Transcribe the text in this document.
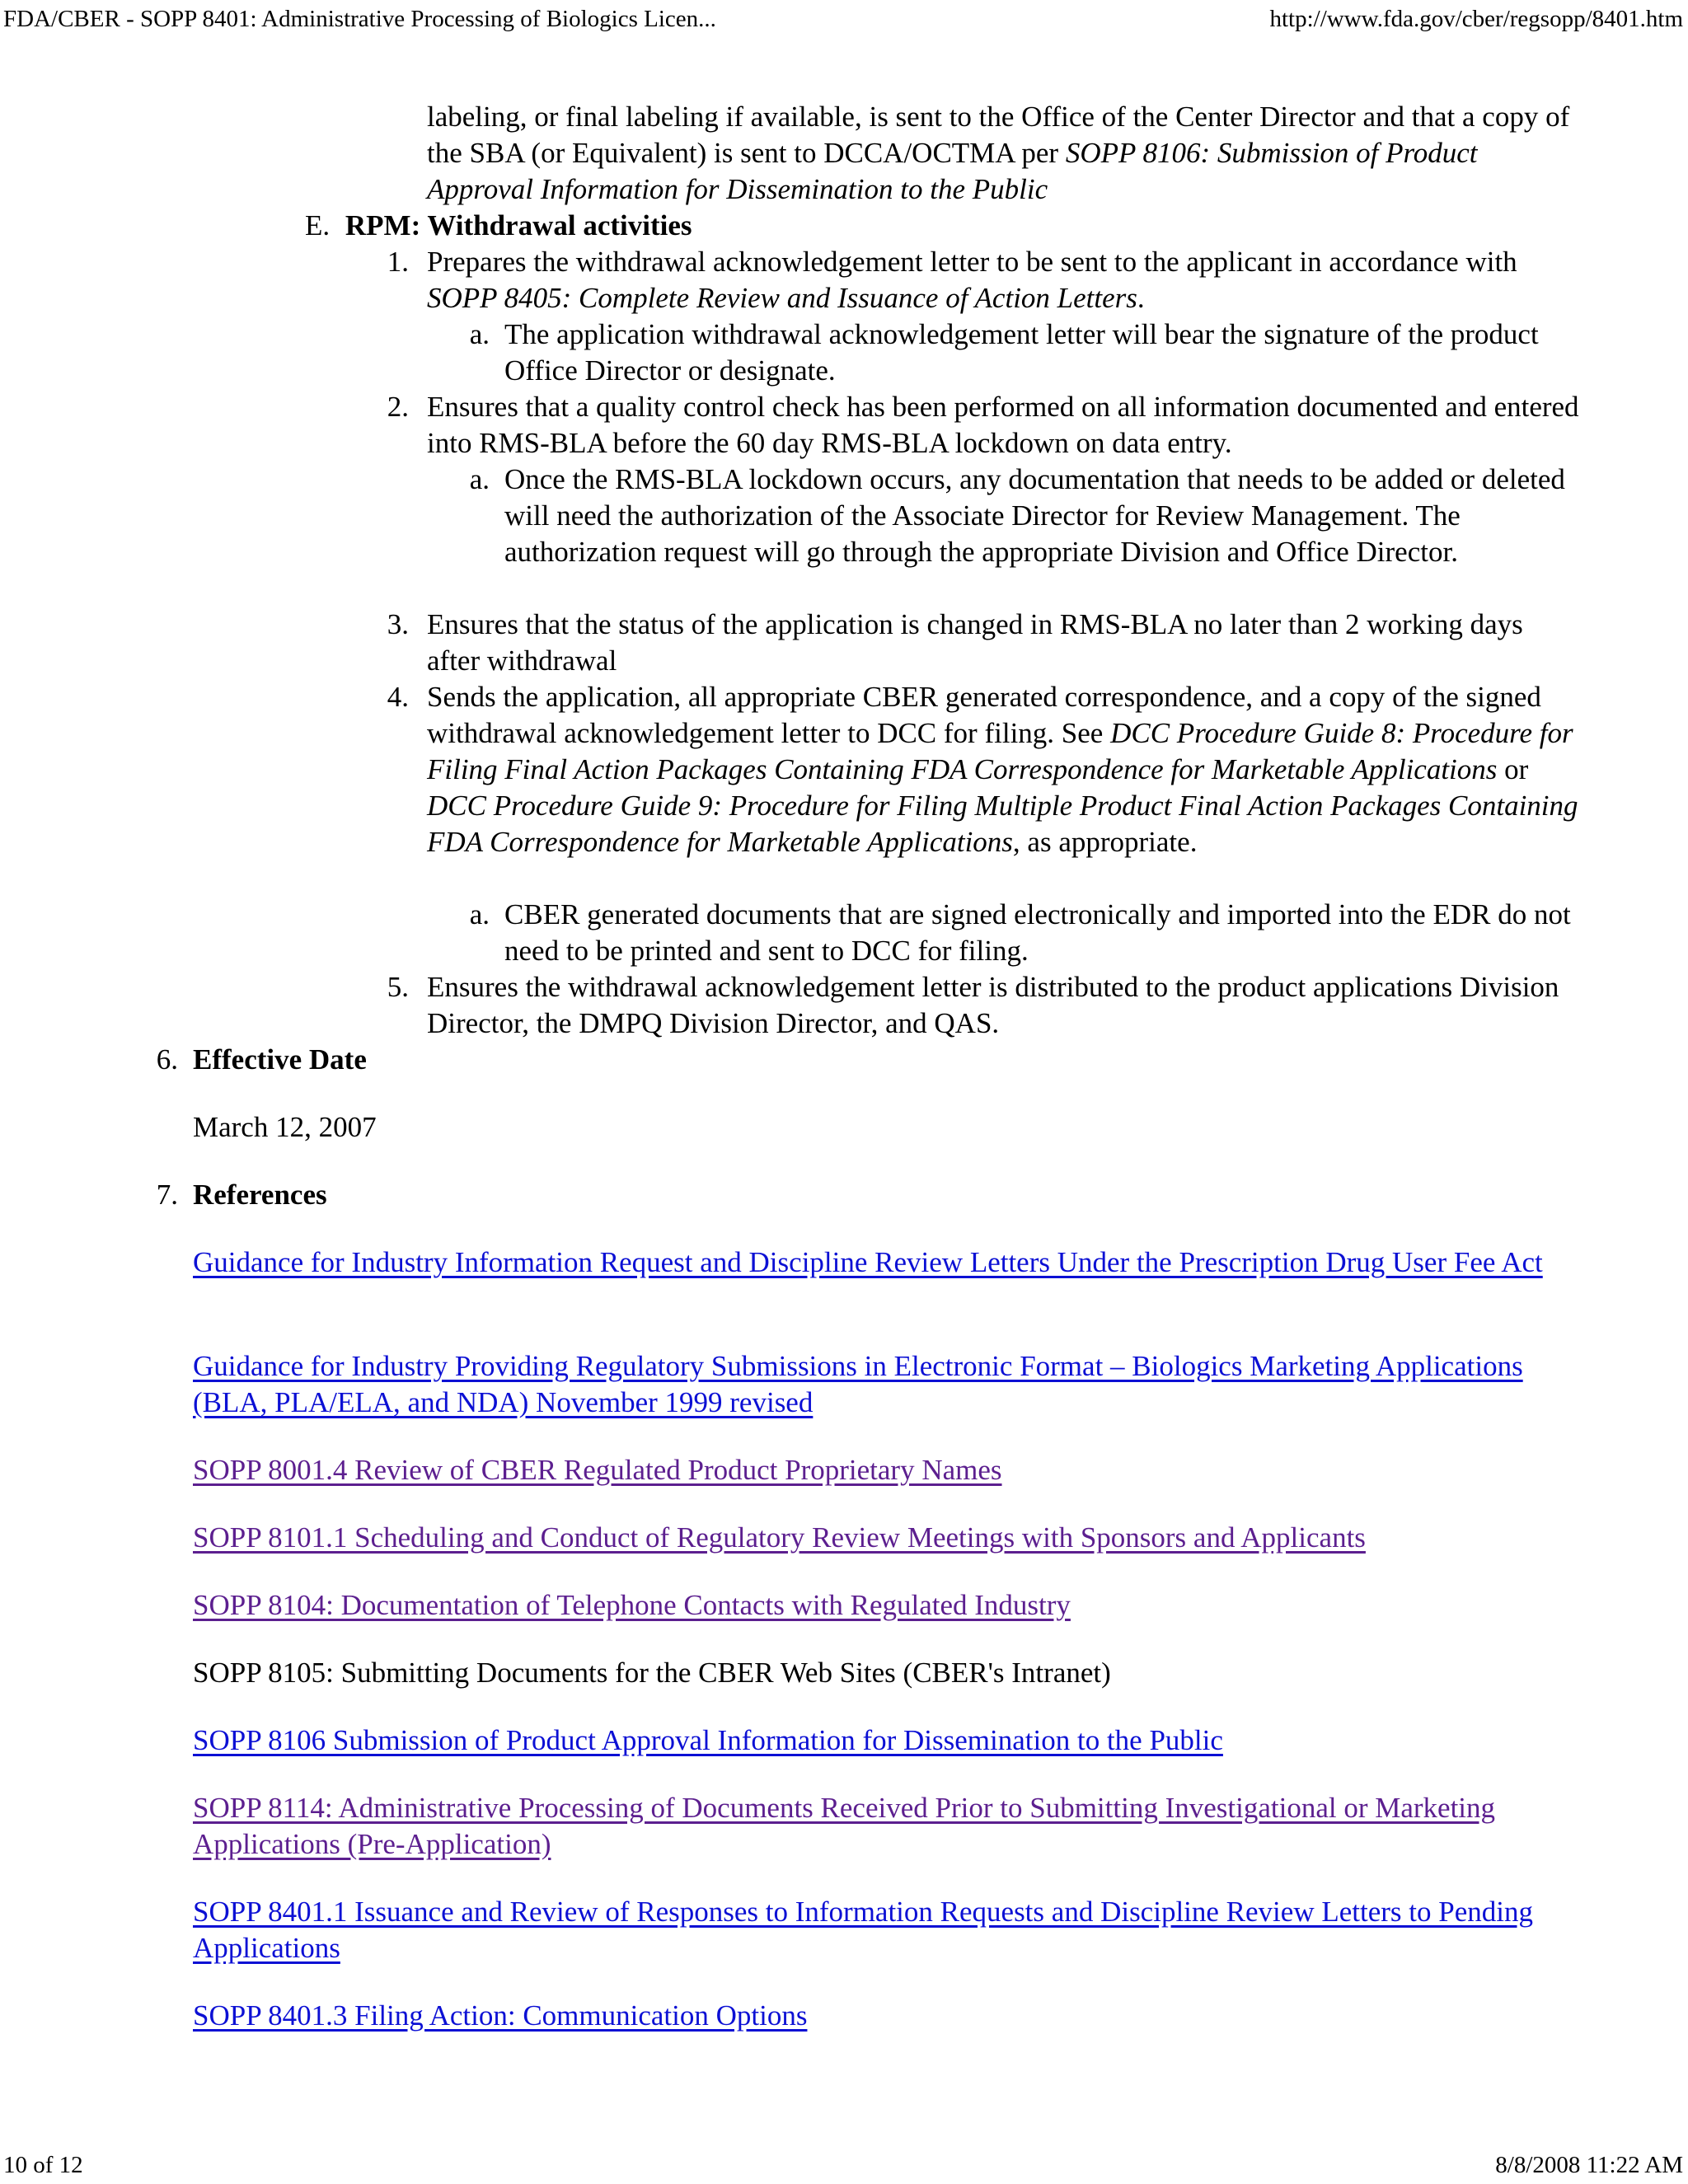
FDA/CBER - SOPP 8401: Administrative Processing of Biologics Licen...	http://www.fda.gov/cber/regsopp/8401.htm
labeling, or final labeling if available, is sent to the Office of the Center Director and that a copy of the SBA (or Equivalent) is sent to DCCA/OCTMA per SOPP 8106: Submission of Product Approval Information for Dissemination to the Public
E. RPM: Withdrawal activities
1. Prepares the withdrawal acknowledgement letter to be sent to the applicant in accordance with SOPP 8405: Complete Review and Issuance of Action Letters.
a. The application withdrawal acknowledgement letter will bear the signature of the product Office Director or designate.
2. Ensures that a quality control check has been performed on all information documented and entered into RMS-BLA before the 60 day RMS-BLA lockdown on data entry.
a. Once the RMS-BLA lockdown occurs, any documentation that needs to be added or deleted will need the authorization of the Associate Director for Review Management. The authorization request will go through the appropriate Division and Office Director.
3. Ensures that the status of the application is changed in RMS-BLA no later than 2 working days after withdrawal
4. Sends the application, all appropriate CBER generated correspondence, and a copy of the signed withdrawal acknowledgement letter to DCC for filing. See DCC Procedure Guide 8: Procedure for Filing Final Action Packages Containing FDA Correspondence for Marketable Applications or DCC Procedure Guide 9: Procedure for Filing Multiple Product Final Action Packages Containing FDA Correspondence for Marketable Applications, as appropriate.
a. CBER generated documents that are signed electronically and imported into the EDR do not need to be printed and sent to DCC for filing.
5. Ensures the withdrawal acknowledgement letter is distributed to the product applications Division Director, the DMPQ Division Director, and QAS.
6. Effective Date
March 12, 2007
7. References
Guidance for Industry Information Request and Discipline Review Letters Under the Prescription Drug User Fee Act
Guidance for Industry Providing Regulatory Submissions in Electronic Format – Biologics Marketing Applications (BLA, PLA/ELA, and NDA) November 1999 revised
SOPP 8001.4 Review of CBER Regulated Product Proprietary Names
SOPP 8101.1 Scheduling and Conduct of Regulatory Review Meetings with Sponsors and Applicants
SOPP 8104: Documentation of Telephone Contacts with Regulated Industry
SOPP 8105: Submitting Documents for the CBER Web Sites (CBER's Intranet)
SOPP 8106 Submission of Product Approval Information for Dissemination to the Public
SOPP 8114: Administrative Processing of Documents Received Prior to Submitting Investigational or Marketing Applications (Pre-Application)
SOPP 8401.1 Issuance and Review of Responses to Information Requests and Discipline Review Letters to Pending Applications
SOPP 8401.3 Filing Action: Communication Options
10 of 12	8/8/2008 11:22 AM
